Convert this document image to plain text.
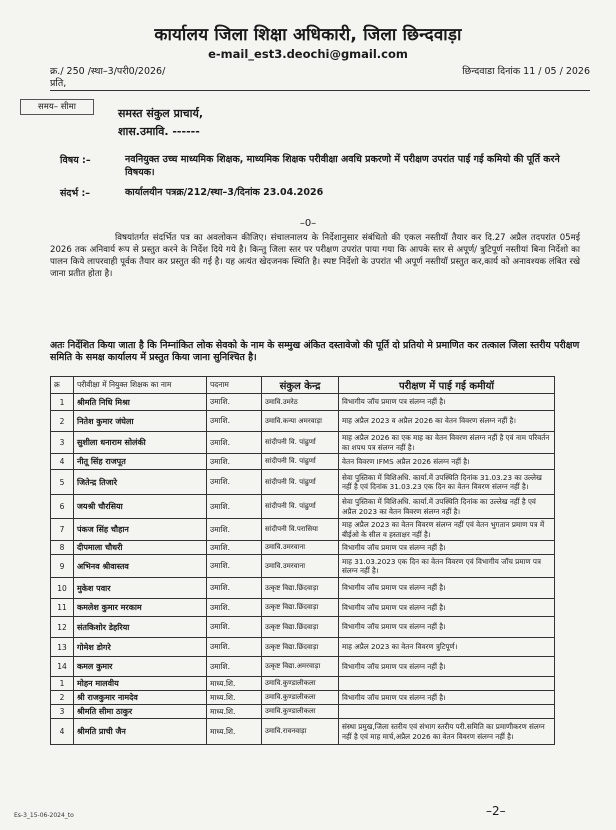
कार्यालय जिला शिक्षा अधिकारी, जिला छिन्दवाड़ा
e-mail_est3.deochi@gmail.com
क्र./ 250 /स्था–3/परी0/2026/	छिन्दवाडा दिनांक 11 / 05 / 2026
प्रति,
समय– सीमा	समस्त संकुल प्राचार्य,
शास.उमावि. ------
विषय :–	नवनियुक्त उच्च माध्यमिक शिक्षक, माध्यमिक शिक्षक परीवीक्षा अवधि प्रकरणो में परीक्षण उपरांत पाई गई कमियो की पूर्ति करने विषयक।
संदर्भ :–	कार्यालयीन पत्रक्र/212/स्था–3/दिनांक 23.04.2026
–0–
विषयांतर्गत संदर्भित पत्र का अवलोकन कीजिए। संचालनालय के निर्देशानुसार संबंधितो की एकल नस्तीयॉ तैयार कर दि.27 अप्रैल तदपरांत 05मई 2026 तक अनिवार्य रूप से प्रस्तुत करने के निर्देश दिये गये है। किन्तु जिला स्तर पर परीक्षण उपरांत पाया गया कि आपके स्तर से अपूर्ण/ त्रुटिपूर्ण नस्तीयां बिना निर्देशो का पालन किये लापरवाही पूर्वक तैयार कर प्रस्तुत की गई है। यह अत्यंत खेदजनक स्थिति है। स्पष्ट निर्देशो के उपरांत भी अपूर्ण नस्तीयॉ प्रस्तुत कर,कार्य को अनावश्यक लंबित रखे जाना प्रतीत होता है।
अतः निर्देशित किया जाता है कि निम्नांकित लोक सेवको के नाम के सम्मुख अंकित दस्तावेजो की पूर्ति दो प्रतियो मे प्रमाणित कर तत्काल जिला स्तरीय परीक्षण समिति के समक्ष कार्यालय में प्रस्तुत किया जाना सुनिश्चित है।
क्र	परीवीक्षा में नियुक्त शिक्षक का नाम	पदनाम	संकुल केन्द्र	परीक्षण में पाई गई कमीयॉ
1	श्रीमति निधि मिश्रा	उमाशि.	उमावि.उमरेठ	विभागीय जॉच प्रमाण पत्र संलग्न नहीं है।
2	नितेश कुमार जंघेला	उमाशि.	उमावि.कन्या अमरवाड़ा	माह अप्रैल 2023 व अप्रैल 2026 का वेतन विवरण संलग्न नहीं है।
3	सुशीला धनाराम सोलंकी	उमाशि.	सांदीपनी वि. पांढुर्णा	माह अप्रैल 2026 का एक माह का वेतन विवरण संलग्न नहीं है एवं नाम परिवर्तन का शपथ पत्र संलग्न नहीं है।
4	नीतू सिंह राजपूत	उमाशि.	सांदीपनी वि. पांढुर्णा	वेतन विवरण IFMS अप्रैल 2026 संलग्न नहीं है।
5	जितेन्द्र तिजारे	उमाशि.	सांदीपनी वि. पांढुर्णा	सेवा पुस्तिका में विशिअधि. कार्या.में उपस्थिति दिनांक 31.03.23 का उल्लेख नहीं है एवं दिनांक 31.03.23 एक दिन का वेतन विवरण संलग्न नहीं है।
6	जयश्री चौरसिया	उमाशि.	सांदीपनी वि. पांढुर्णा	सेवा पुस्तिका में विशिअधि. कार्या.में उपस्थिति दिनांक का उल्लेख नहीं है एवं अप्रैल 2023 का वेतन विवरण संलग्न नहीं है।
7	पंकज सिंह चौहान	उमाशि.	सांदीपनी वि.परासिया	माह अप्रैल 2023 का वेतन विवरण संलग्न नहीं एवं वेतन भुगतान प्रमाण पत्र में बीईओ के सील व हस्ताक्षर नहीं है।
8	दीपमाला चौधरी	उमाशि.	उमावि.उमरवाना	विभागीय जॉच प्रमाण पत्र संलग्न नहीं है।
9	अभिनव श्रीवास्तव	उमाशि.	उमावि.उमरवाना	माह 31.03.2023 एक दिन का वेतन विवरण एवं विभागीय जॉच प्रमाण पत्र संलग्न नहीं है।
10	मुकेश पवार	उमाशि.	उत्कृष्ट विद्या.छिंदवाड़ा	विभागीय जॉच प्रमाण पत्र संलग्न नहीं है।
11	कमलेश कुमार मरकाम	उमाशि.	उत्कृष्ट विद्या.छिंदवाड़ा	विभागीय जॉच प्रमाण पत्र संलग्न नहीं है।
12	संतकिशोर डेहरिया	उमाशि.	उत्कृष्ट विद्या.छिंदवाड़ा	विभागीय जॉच प्रमाण पत्र संलग्न नहीं है।
13	गोमेश डोगरे	उमाशि.	उत्कृष्ट विद्या.छिंदवाड़ा	माह अप्रैल 2023 का वेतन विवरण त्रुटिपूर्ण।
14	कमल कुमार	उमाशि.	उत्कृष्ट विद्या.अमरवाड़ा	विभागीय जॉच प्रमाण पत्र संलग्न नहीं है।
1	मोहन मालवीय	माध्य.शि.	उमावि.कुण्डालीकला	
2	श्री राजकुमार नामदेव	माध्य.शि.	उमावि.कुण्डालीकला	विभागीय जॉच प्रमाण पत्र संलग्न नहीं है।
3	श्रीमति सीमा ठाकुर	माध्य.शि.	उमावि.कुण्डालीकला	
4	श्रीमति प्राची जैन	माध्य.शि.	उमावि.रावनवाड़ा	संस्था प्रमुख,जिला स्तरीय एवं संभाग स्तरीय परी.समिति का प्रमाणीकरण संलग्न नहीं है एवं माह मार्च,अप्रैल 2026 का वेतन विवरण संलग्न नहीं है।
–2–
Es-3_15-06-2024_to
